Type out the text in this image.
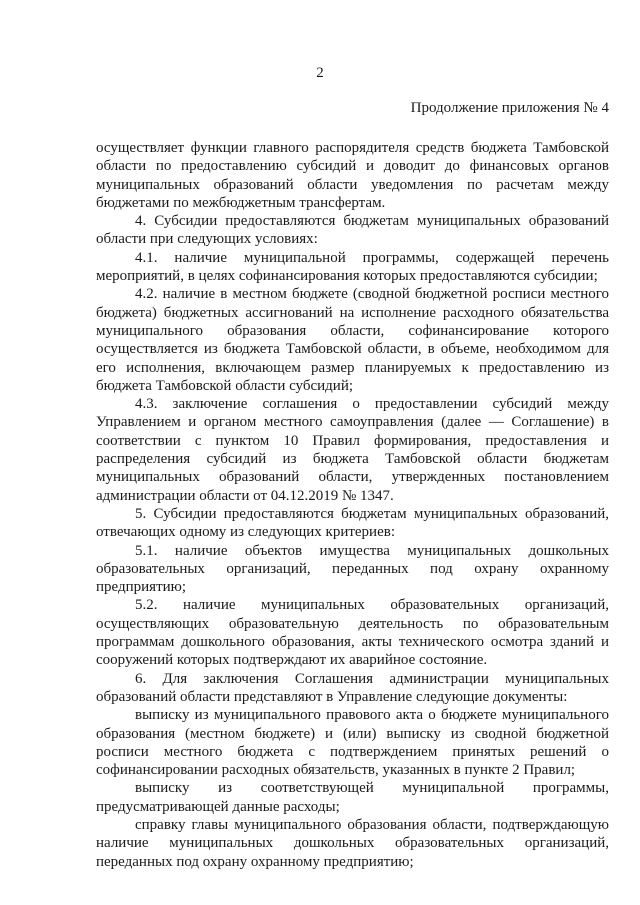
2
Продолжение приложения № 4

осуществляет функции главного распорядителя средств бюджета Тамбовской области по предоставлению субсидий и доводит до финансовых органов муниципальных образований области уведомления по расчетам между бюджетами по межбюджетным трансфертам.

4. Субсидии предоставляются бюджетам муниципальных образований области при следующих условиях:

4.1. наличие муниципальной программы, содержащей перечень мероприятий, в целях софинансирования которых предоставляются субсидии;

4.2. наличие в местном бюджете (сводной бюджетной росписи местного бюджета) бюджетных ассигнований на исполнение расходного обязательства муниципального образования области, софинансирование которого осуществляется из бюджета Тамбовской области, в объеме, необходимом для его исполнения, включающем размер планируемых к предоставлению из бюджета Тамбовской области субсидий;

4.3. заключение соглашения о предоставлении субсидий между Управлением и органом местного самоуправления (далее — Соглашение) в соответствии с пунктом 10 Правил формирования, предоставления и распределения субсидий из бюджета Тамбовской области бюджетам муниципальных образований области, утвержденных постановлением администрации области от 04.12.2019 № 1347.

5. Субсидии предоставляются бюджетам муниципальных образований, отвечающих одному из следующих критериев:

5.1. наличие объектов имущества муниципальных дошкольных образовательных организаций, переданных под охрану охранному предприятию;

5.2. наличие муниципальных образовательных организаций, осуществляющих образовательную деятельность по образовательным программам дошкольного образования, акты технического осмотра зданий и сооружений которых подтверждают их аварийное состояние.

6. Для заключения Соглашения администрации муниципальных образований области представляют в Управление следующие документы:

выписку из муниципального правового акта о бюджете муниципального образования (местном бюджете) и (или) выписку из сводной бюджетной росписи местного бюджета с подтверждением принятых решений о софинансировании расходных обязательств, указанных в пункте 2 Правил;

выписку из соответствующей муниципальной программы, предусматривающей данные расходы;

справку главы муниципального образования области, подтверждающую наличие муниципальных дошкольных образовательных организаций, переданных под охрану охранному предприятию;
